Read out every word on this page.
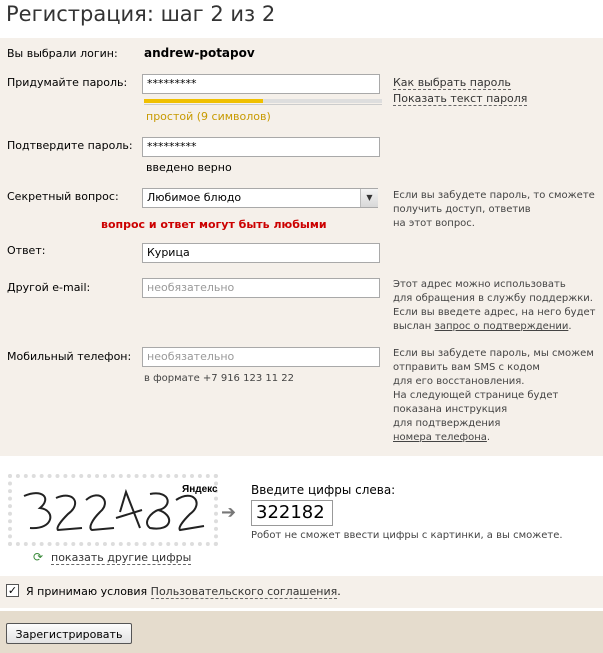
Регистрация: шаг 2 из 2
Вы выбрали логин: andrew-potapov
Придумайте пароль:	*********
простой (9 символов)
Как выбрать пароль
Показать текст пароля
Подтвердите пароль:	*********
введено верно
Секретный вопрос:	Любимое блюдо	▼
вопрос и ответ могут быть любыми
Если вы забудете пароль, то сможете
получить доступ, ответив
на этот вопрос.
Ответ:	Курица
Другой e-mail:	необязательно	Этот адрес можно использовать
для обращения в службу поддержки.
Если вы введете адрес, на него будет
выслан запрос о подтверждении.
Мобильный телефон:	необязательно
в формате +7 916 123 11 22
Если вы забудете пароль, мы сможем
отправить вам SMS с кодом
для его восстановления.
На следующей странице будет
показана инструкция
для подтверждения
номера телефона.
Яндекс
➔
Введите цифры слева:
322182
Робот не сможет ввести цифры с картинки, а вы сможете.
⟳ показать другие цифры
✓ Я принимаю условия Пользовательского соглашения.
Зарегистрировать
